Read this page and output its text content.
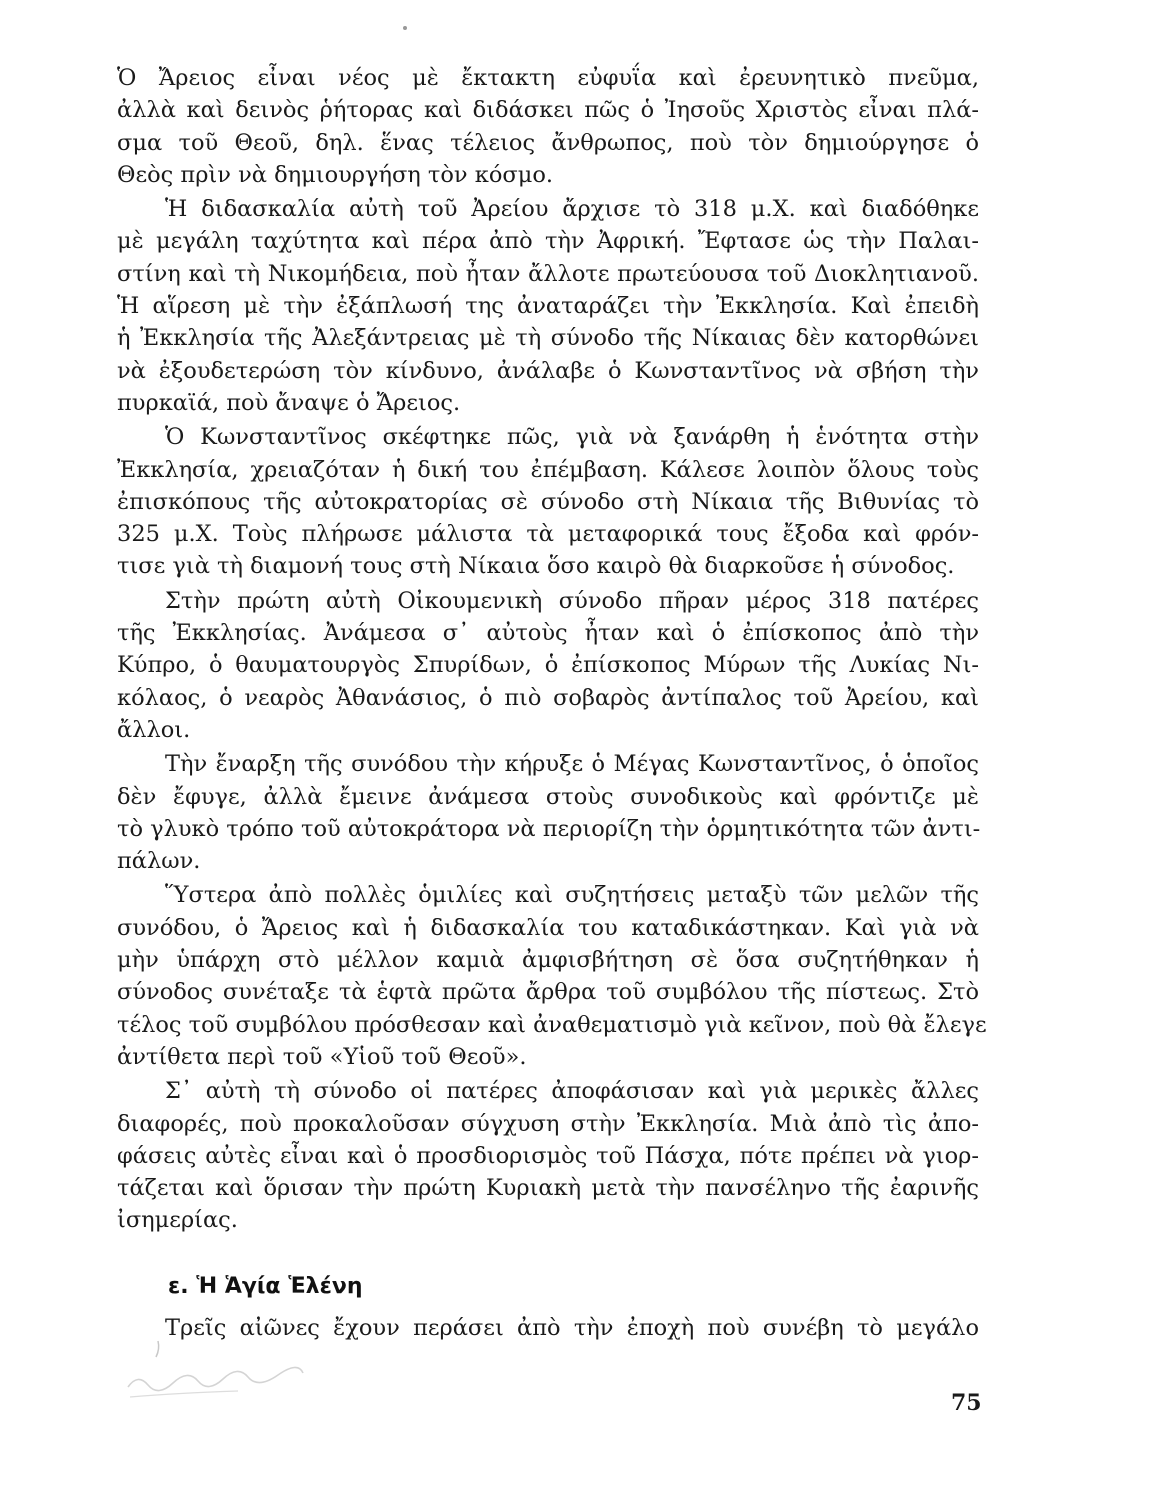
Ὁ Ἄρειος εἶναι νέος μὲ ἔκτακτη εὐφυΐα καὶ ἐρευνητικὸ πνεῦμα,
ἀλλὰ καὶ δεινὸς ῥήτορας καὶ διδάσκει πῶς ὁ Ἰησοῦς Χριστὸς εἶναι πλά-
σμα τοῦ Θεοῦ, δηλ. ἕνας τέλειος ἄνθρωπος, ποὺ τὸν δημιούργησε ὁ
Θεὸς πρὶν νὰ δημιουργήση τὸν κόσμο.
Ἡ διδασκαλία αὐτὴ τοῦ Ἀρείου ἄρχισε τὸ 318 μ.Χ. καὶ διαδόθηκε
μὲ μεγάλη ταχύτητα καὶ πέρα ἀπὸ τὴν Ἀφρική. Ἔφτασε ὡς τὴν Παλαι-
στίνη καὶ τὴ Νικομήδεια, ποὺ ἦταν ἄλλοτε πρωτεύουσα τοῦ Διοκλητιανοῦ.
Ἡ αἵρεση μὲ τὴν ἐξάπλωσή της ἀναταράζει τὴν Ἐκκλησία. Καὶ ἐπειδὴ
ἡ Ἐκκλησία τῆς Ἀλεξάντρειας μὲ τὴ σύνοδο τῆς Νίκαιας δὲν κατορθώνει
νὰ ἐξουδετερώση τὸν κίνδυνο, ἀνάλαβε ὁ Κωνσταντῖνος νὰ σβήση τὴν
πυρκαϊά, ποὺ ἄναψε ὁ Ἄρειος.
Ὁ Κωνσταντῖνος σκέφτηκε πῶς, γιὰ νὰ ξανάρθη ἡ ἑνότητα στὴν
Ἐκκλησία, χρειαζόταν ἡ δική του ἐπέμβαση. Κάλεσε λοιπὸν ὅλους τοὺς
ἐπισκόπους τῆς αὐτοκρατορίας σὲ σύνοδο στὴ Νίκαια τῆς Βιθυνίας τὸ
325 μ.Χ. Τοὺς πλήρωσε μάλιστα τὰ μεταφορικά τους ἔξοδα καὶ φρόν-
τισε γιὰ τὴ διαμονή τους στὴ Νίκαια ὅσο καιρὸ θὰ διαρκοῦσε ἡ σύνοδος.
Στὴν πρώτη αὐτὴ Οἰκουμενικὴ σύνοδο πῆραν μέρος 318 πατέρες
τῆς Ἐκκλησίας. Ἀνάμεσα σ᾽ αὐτοὺς ἦταν καὶ ὁ ἐπίσκοπος ἀπὸ τὴν
Κύπρο, ὁ θαυματουργὸς Σπυρίδων, ὁ ἐπίσκοπος Μύρων τῆς Λυκίας Νι-
κόλαος, ὁ νεαρὸς Ἀθανάσιος, ὁ πιὸ σοβαρὸς ἀντίπαλος τοῦ Ἀρείου, καὶ
ἄλλοι.
Τὴν ἔναρξη τῆς συνόδου τὴν κήρυξε ὁ Μέγας Κωνσταντῖνος, ὁ ὁποῖος
δὲν ἔφυγε, ἀλλὰ ἔμεινε ἀνάμεσα στοὺς συνοδικοὺς καὶ φρόντιζε μὲ
τὸ γλυκὸ τρόπο τοῦ αὐτοκράτορα νὰ περιορίζη τὴν ὁρμητικότητα τῶν ἀντι-
πάλων.
Ὕστερα ἀπὸ πολλὲς ὁμιλίες καὶ συζητήσεις μεταξὺ τῶν μελῶν τῆς
συνόδου, ὁ Ἄρειος καὶ ἡ διδασκαλία του καταδικάστηκαν. Καὶ γιὰ νὰ
μὴν ὑπάρχη στὸ μέλλον καμιὰ ἀμφισβήτηση σὲ ὅσα συζητήθηκαν ἡ
σύνοδος συνέταξε τὰ ἑφτὰ πρῶτα ἄρθρα τοῦ συμβόλου τῆς πίστεως. Στὸ
τέλος τοῦ συμβόλου πρόσθεσαν καὶ ἀναθεματισμὸ γιὰ κεῖνον, ποὺ θὰ ἔλεγε
ἀντίθετα περὶ τοῦ «Υἱοῦ τοῦ Θεοῦ».
Σ᾽ αὐτὴ τὴ σύνοδο οἱ πατέρες ἀποφάσισαν καὶ γιὰ μερικὲς ἄλλες
διαφορές, ποὺ προκαλοῦσαν σύγχυση στὴν Ἐκκλησία. Μιὰ ἀπὸ τὶς ἀπο-
φάσεις αὐτὲς εἶναι καὶ ὁ προσδιορισμὸς τοῦ Πάσχα, πότε πρέπει νὰ γιορ-
τάζεται καὶ ὅρισαν τὴν πρώτη Κυριακὴ μετὰ τὴν πανσέληνο τῆς ἐαρινῆς
ἰσημερίας.
ε. Ἡ Ἁγία Ἑλένη
Τρεῖς αἰῶνες ἔχουν περάσει ἀπὸ τὴν ἐποχὴ ποὺ συνέβη τὸ μεγάλο
75
